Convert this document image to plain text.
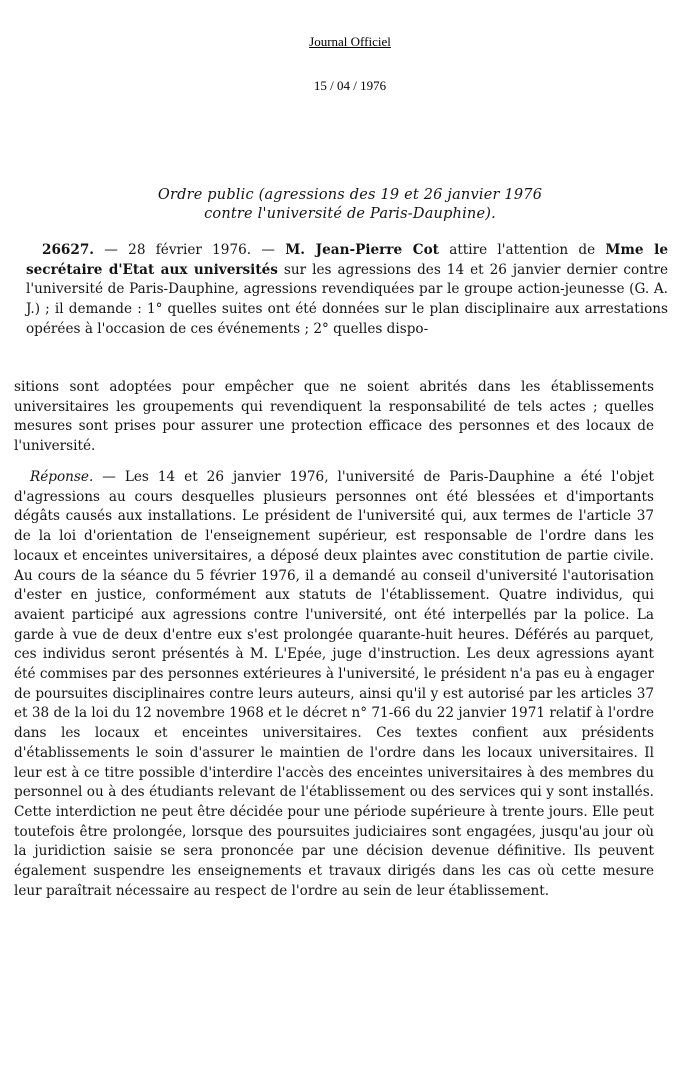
Journal Officiel
15 / 04 / 1976
Ordre public (agressions des 19 et 26 janvier 1976
contre l'université de Paris-Dauphine).
26627. — 28 février 1976. — M. Jean-Pierre Cot attire l'attention de Mme le secrétaire d'Etat aux universités sur les agressions des 14 et 26 janvier dernier contre l'université de Paris-Dauphine, agressions revendiquées par le groupe action-jeunesse (G. A. J.) ; il demande : 1° quelles suites ont été données sur le plan disciplinaire aux arrestations opérées à l'occasion de ces événements ; 2° quelles dispo-
sitions sont adoptées pour empêcher que ne soient abrités dans les établissements universitaires les groupements qui revendiquent la responsabilité de tels actes ; quelles mesures sont prises pour assurer une protection efficace des personnes et des locaux de l'université.
Réponse. — Les 14 et 26 janvier 1976, l'université de Paris-Dauphine a été l'objet d'agressions au cours desquelles plusieurs personnes ont été blessées et d'importants dégâts causés aux installations. Le président de l'université qui, aux termes de l'article 37 de la loi d'orientation de l'enseignement supérieur, est responsable de l'ordre dans les locaux et enceintes universitaires, a déposé deux plaintes avec constitution de partie civile. Au cours de la séance du 5 février 1976, il a demandé au conseil d'université l'autorisation d'ester en justice, conformément aux statuts de l'établissement. Quatre individus, qui avaient participé aux agressions contre l'université, ont été interpellés par la police. La garde à vue de deux d'entre eux s'est prolongée quarante-huit heures. Déférés au parquet, ces individus seront présentés à M. L'Epée, juge d'instruction. Les deux agressions ayant été commises par des personnes extérieures à l'université, le président n'a pas eu à engager de poursuites disciplinaires contre leurs auteurs, ainsi qu'il y est autorisé par les articles 37 et 38 de la loi du 12 novembre 1968 et le décret n° 71-66 du 22 janvier 1971 relatif à l'ordre dans les locaux et enceintes universitaires. Ces textes confient aux présidents d'établissements le soin d'assurer le maintien de l'ordre dans les locaux universitaires. Il leur est à ce titre possible d'interdire l'accès des enceintes universitaires à des membres du personnel ou à des étudiants relevant de l'établissement ou des services qui y sont installés. Cette interdiction ne peut être décidée pour une période supérieure à trente jours. Elle peut toutefois être prolongée, lorsque des poursuites judiciaires sont engagées, jusqu'au jour où la juridiction saisie se sera prononcée par une décision devenue définitive. Ils peuvent également suspendre les enseignements et travaux dirigés dans les cas où cette mesure leur paraîtrait nécessaire au respect de l'ordre au sein de leur établissement.
